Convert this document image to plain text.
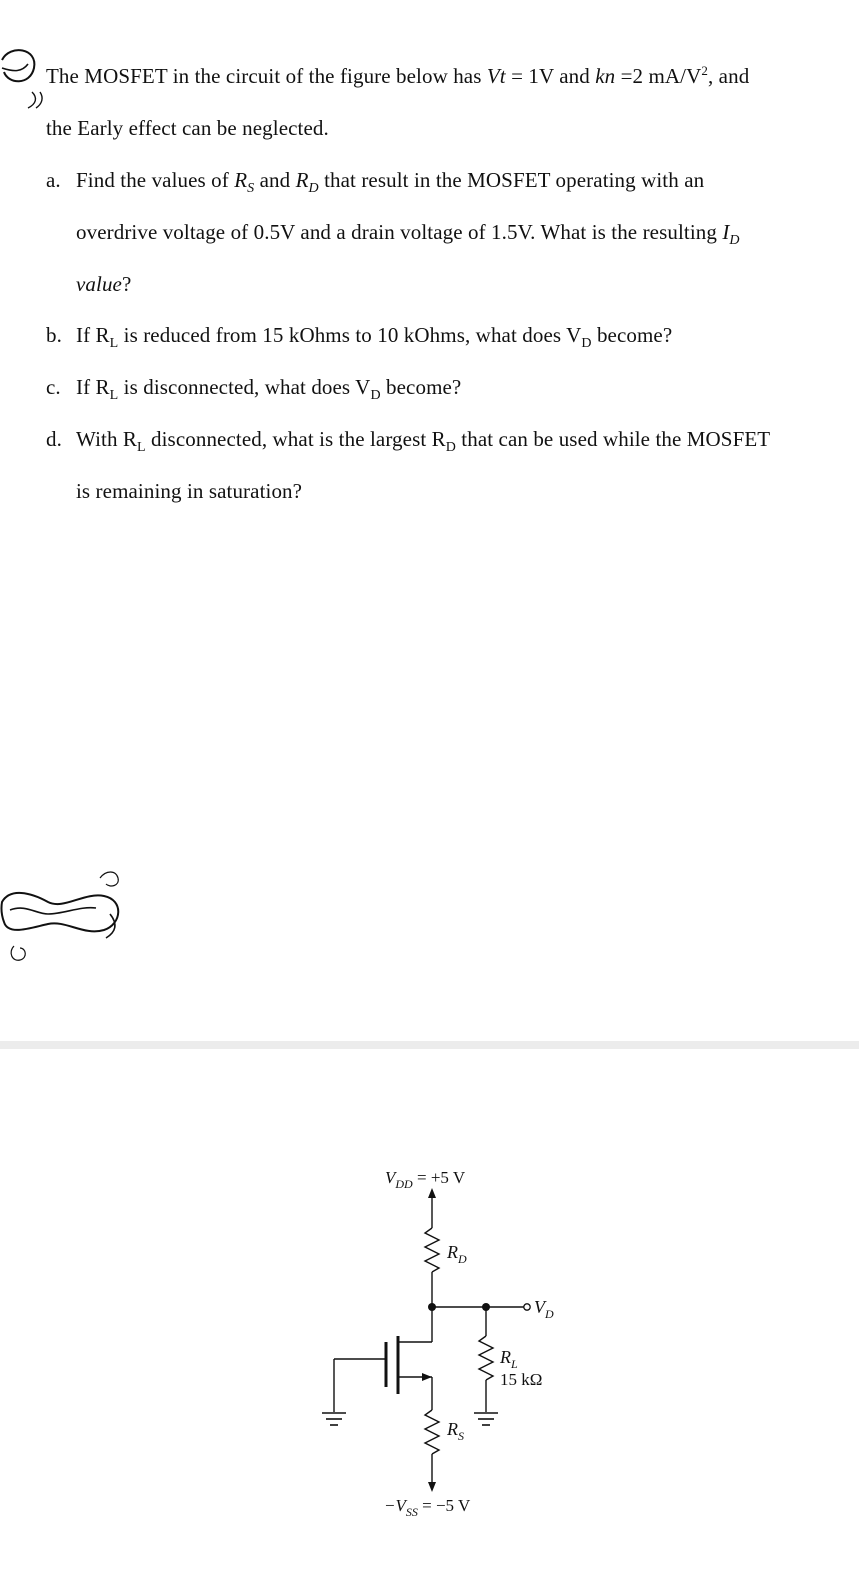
The MOSFET in the circuit of the figure below has Vt = 1V and kn =2 $mA/V^2$, and
the Early effect can be neglected.
a. Find the values of $R_S$ and $R_D$ that result in the MOSFET operating with an
overdrive voltage of 0.5V and a drain voltage of 1.5V. What is the resulting $I_D$
value?
b. If $R_L$ is reduced from 15 kOhms to 10 kOhms, what does $V_D$ become?
c. If $R_L$ is disconnected, what does $V_D$ become?
d. With $R_L$ disconnected, what is the largest $R_D$ that can be used while the MOSFET
is remaining in saturation?
$V_{DD} = +5$ V
$R_D$
$V_D$
$R_L$
15 kΩ
$R_S$
$-V_{SS} = -5$ V
